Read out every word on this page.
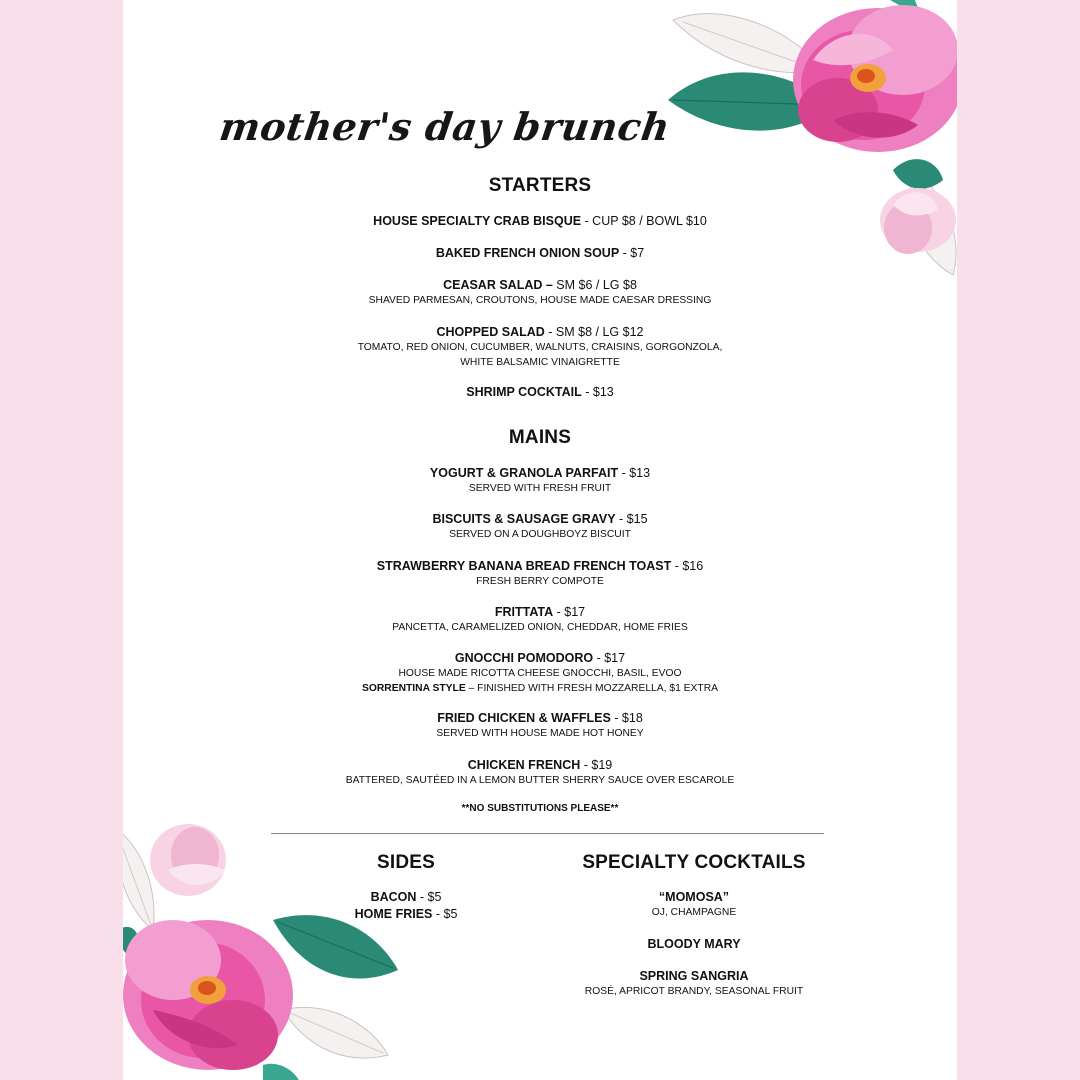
mother's day brunch
STARTERS
HOUSE SPECIALTY CRAB BISQUE - CUP $8 / BOWL $10
BAKED FRENCH ONION SOUP - $7
CEASAR SALAD – SM $6 / LG $8
SHAVED PARMESAN, CROUTONS, HOUSE MADE CAESAR DRESSING
CHOPPED SALAD - SM $8 / LG $12
TOMATO, RED ONION, CUCUMBER, WALNUTS, CRAISINS, GORGONZOLA,
WHITE BALSAMIC VINAIGRETTE
SHRIMP COCKTAIL - $13
MAINS
YOGURT & GRANOLA PARFAIT - $13
SERVED WITH FRESH FRUIT
BISCUITS & SAUSAGE GRAVY - $15
SERVED ON A DOUGHBOYZ BISCUIT
STRAWBERRY BANANA BREAD FRENCH TOAST - $16
FRESH BERRY COMPOTE
FRITTATA - $17
PANCETTA, CARAMELIZED ONION, CHEDDAR, HOME FRIES
GNOCCHI POMODORO - $17
HOUSE MADE RICOTTA CHEESE GNOCCHI, BASIL, EVOO
SORRENTINA STYLE – FINISHED WITH FRESH MOZZARELLA, $1 EXTRA
FRIED CHICKEN & WAFFLES - $18
SERVED WITH HOUSE MADE HOT HONEY
CHICKEN FRENCH - $19
BATTERED, SAUTÉED IN A LEMON BUTTER SHERRY SAUCE OVER ESCAROLE
**NO SUBSTITUTIONS PLEASE**
SIDES
BACON - $5
HOME FRIES - $5
SPECIALTY COCKTAILS
“MOMOSA”
OJ, CHAMPAGNE
BLOODY MARY
SPRING SANGRIA
ROSÉ, APRICOT BRANDY, SEASONAL FRUIT
